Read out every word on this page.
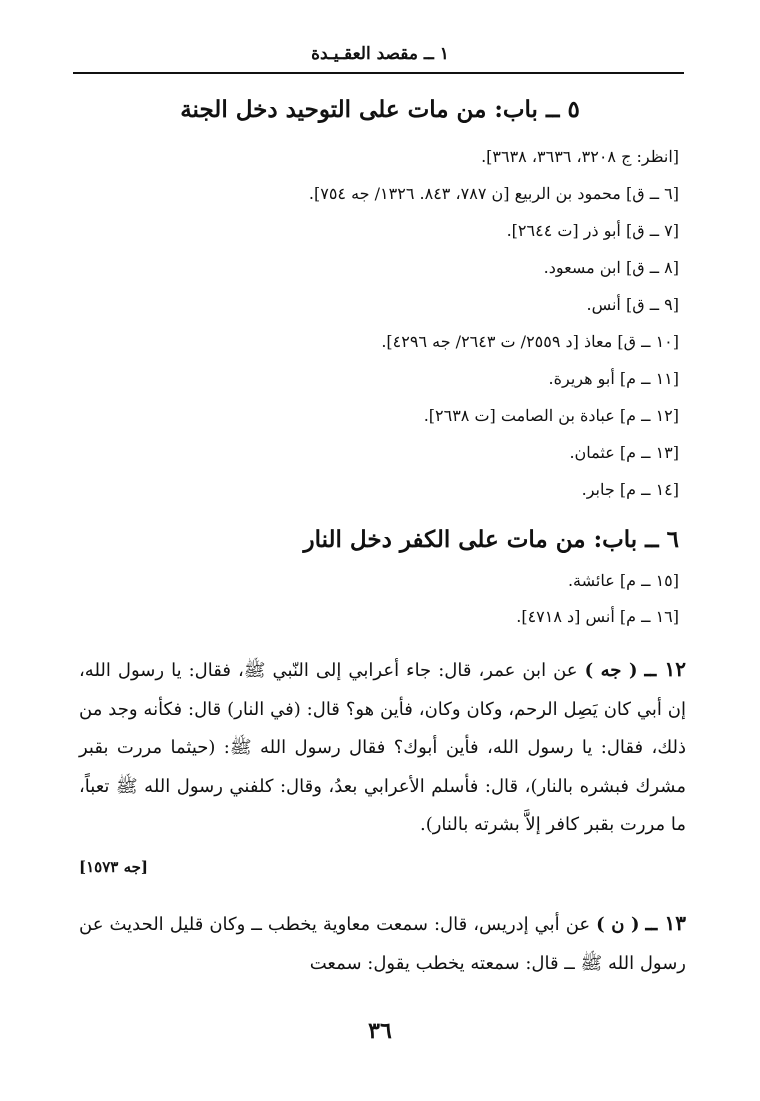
١ ــ مقصد العقـيـدة
٥ ــ باب: من مات على التوحيد دخل الجنة
[انظر: ج ٣٢٠٨، ٣٦٣٦، ٣٦٣٨].
[٦ ــ ق] محمود بن الربيع [ن ٧٨٧، ٨٤٣. ١٣٢٦/ جه ٧٥٤].
[٧ ــ ق] أبو ذر [ت ٢٦٤٤].
[٨ ــ ق] ابن مسعود.
[٩ ــ ق] أنس.
[١٠ ــ ق] معاذ [د ٢٥٥٩/ ت ٢٦٤٣/ جه ٤٢٩٦].
[١١ ــ م] أبو هريرة.
[١٢ ــ م] عبادة بن الصامت [ت ٢٦٣٨].
[١٣ ــ م] عثمان.
[١٤ ــ م] جابر.
٦ ــ باب: من مات على الكفر دخل النار
[١٥ ــ م] عائشة.
[١٦ ــ م] أنس [د ٤٧١٨].
١٢ ــ ( جه ) عن ابن عمر، قال: جاء أعرابي إلى النّبي ﷺ، فقال: يا رسول الله، إن أبي كان يَصِل الرحم، وكان وكان، فأين هو؟ قال: (في النار) قال: فكأنه وجد من ذلك، فقال: يا رسول الله، فأين أبوك؟ فقال رسول الله ﷺ: (حيثما مررت بقبر مشرك فبشره بالنار)، قال: فأسلم الأعرابي بعدُ، وقال: كلفني رسول الله ﷺ تعباً، ما مررت بقبر كافر إلاَّ بشرته بالنار).
[جه ١٥٧٣]
١٣ ــ ( ن ) عن أبي إدريس، قال: سمعت معاوية يخطب ــ وكان قليل الحديث عن رسول الله ﷺ ــ قال: سمعته يخطب يقول: سمعت
٣٦
